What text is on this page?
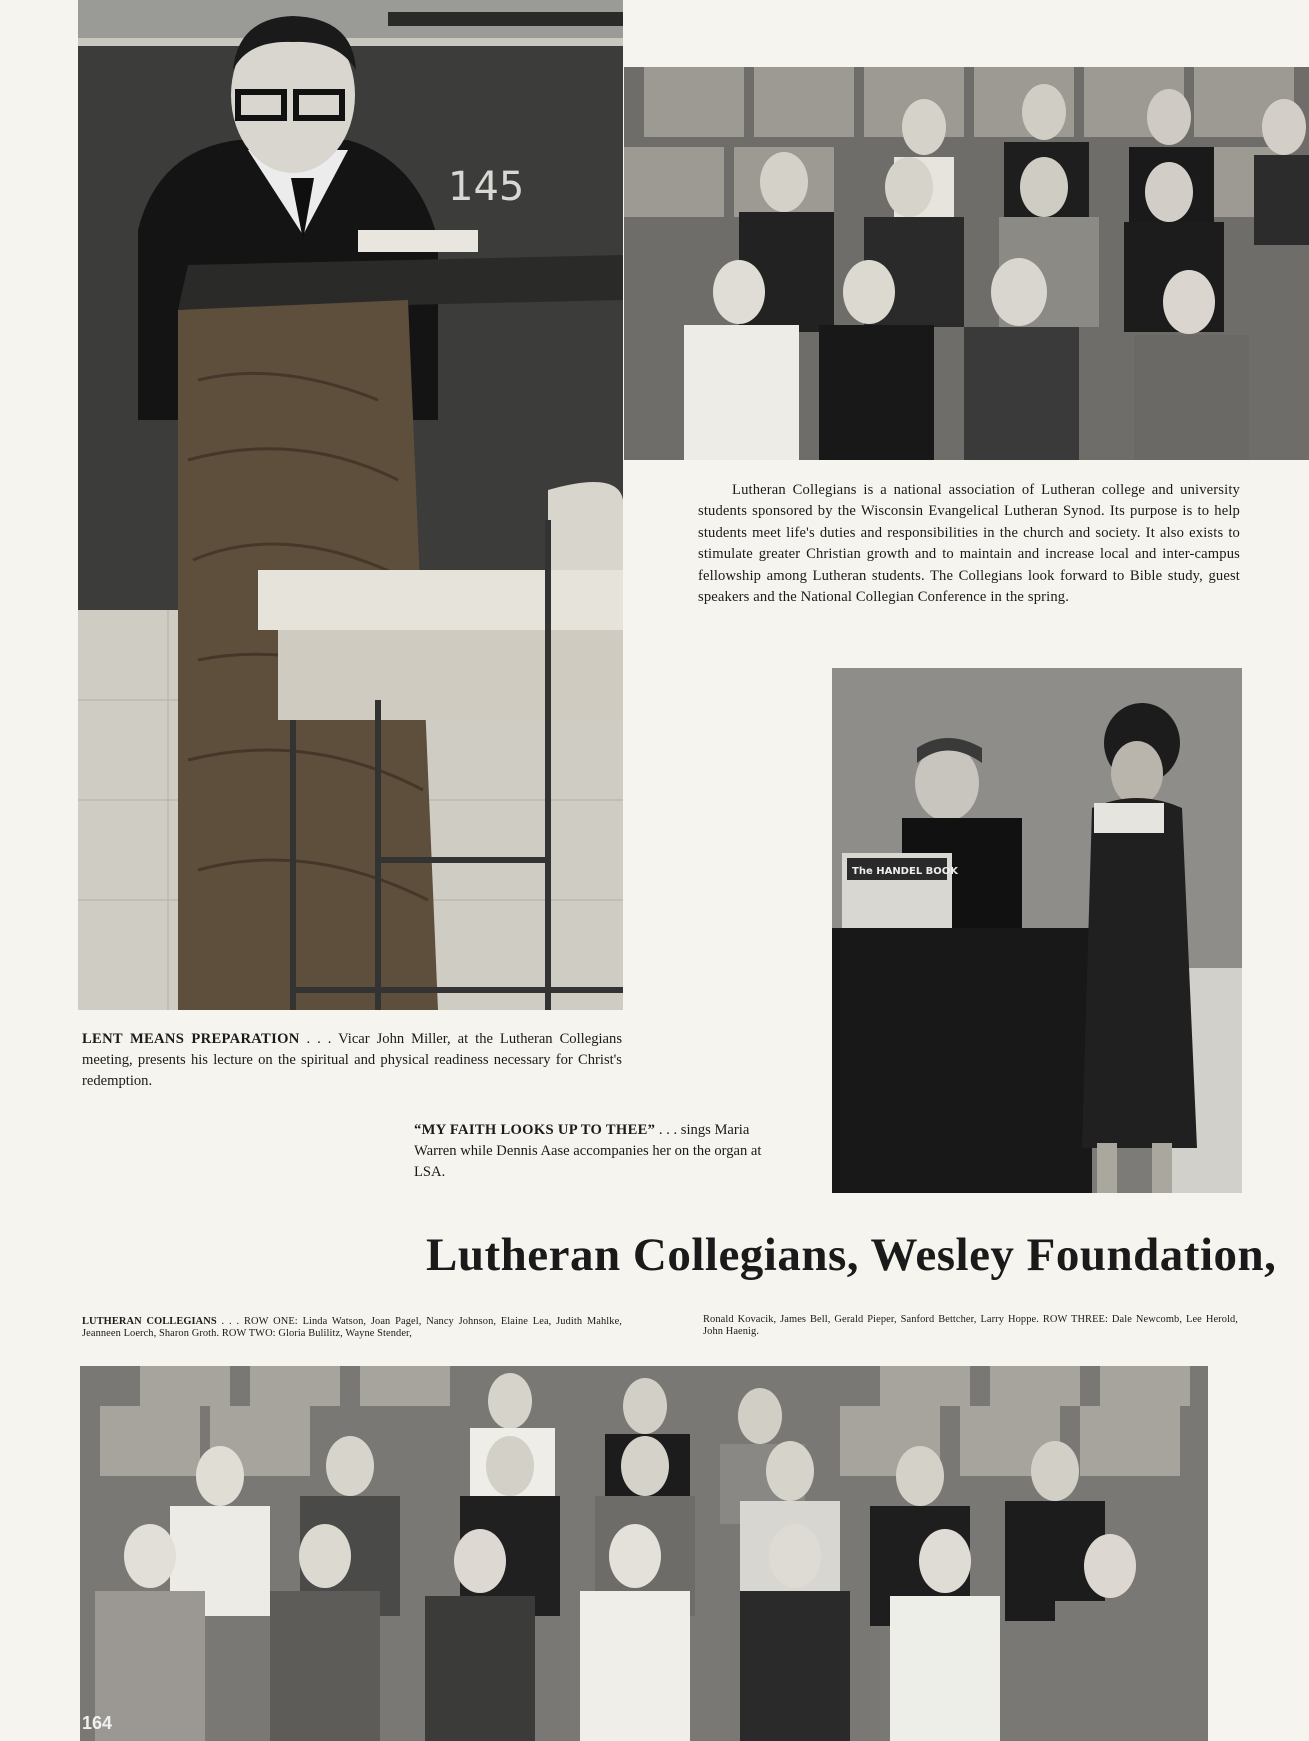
145
Lutheran Collegians is a national association of Lutheran college and university students sponsored by the Wisconsin Evangelical Lutheran Synod. Its purpose is to help students meet life's duties and responsibilities in the church and society. It also exists to stimulate greater Christian growth and to maintain and increase local and inter-campus fellowship among Lutheran students. The Collegians look forward to Bible study, guest speakers and the National Collegian Conference in the spring.
The HANDEL BOOK
LENT MEANS PREPARATION . . . Vicar John Miller, at the Lutheran Collegians meeting, presents his lecture on the spiritual and physical readiness necessary for Christ's redemption.
“MY FAITH LOOKS UP TO THEE” . . . sings Maria Warren while Dennis Aase accompanies her on the organ at LSA.
Lutheran Collegians, Wesley Foundation,
LUTHERAN COLLEGIANS . . . ROW ONE: Linda Watson, Joan Pagel, Nancy Johnson, Elaine Lea, Judith Mahlke, Jeanneen Loerch, Sharon Groth. ROW TWO: Gloria Bulilitz, Wayne Stender,
Ronald Kovacik, James Bell, Gerald Pieper, Sanford Bettcher, Larry Hoppe. ROW THREE: Dale Newcomb, Lee Herold, John Haenig.
164
